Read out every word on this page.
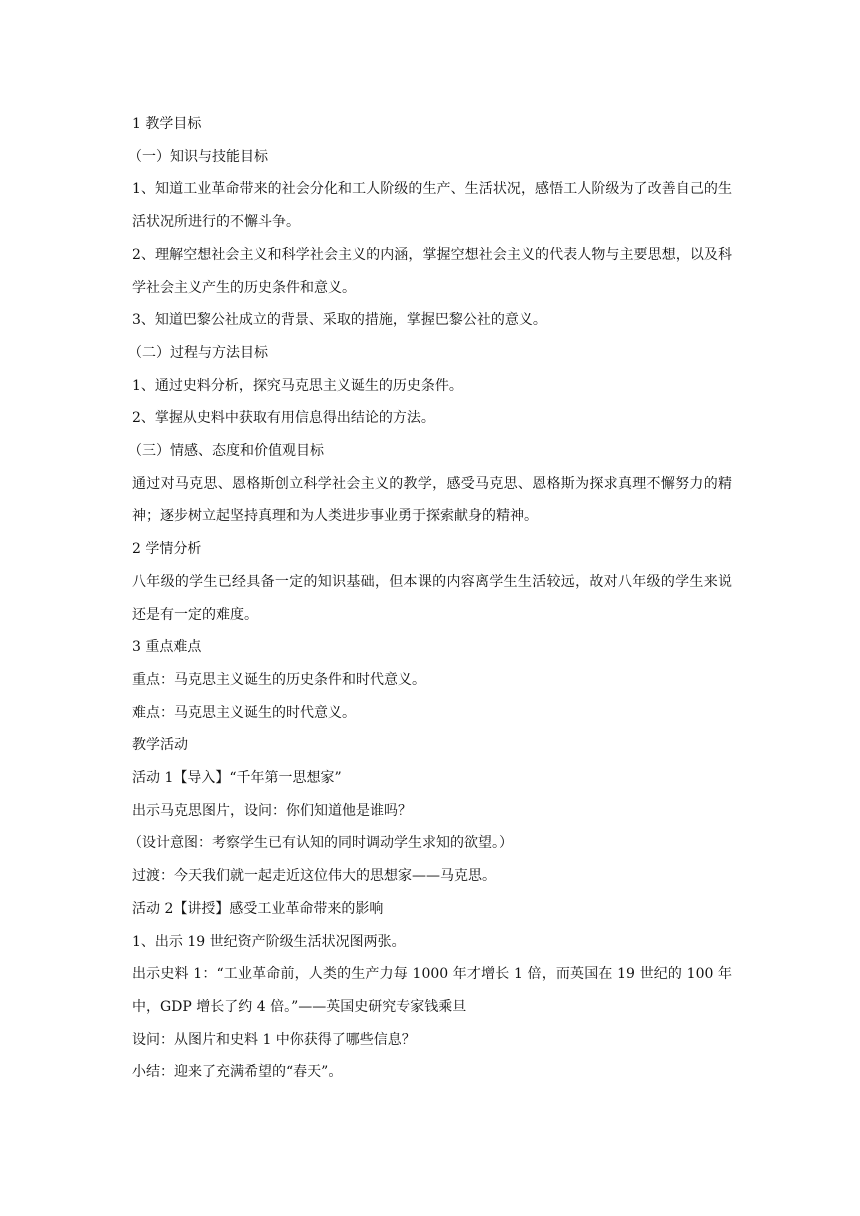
1 教学目标

（一）知识与技能目标

1、知道工业革命带来的社会分化和工人阶级的生产、生活状况，感悟工人阶级为了改善自己的生活状况所进行的不懈斗争。

2、理解空想社会主义和科学社会主义的内涵，掌握空想社会主义的代表人物与主要思想，以及科学社会主义产生的历史条件和意义。

3、知道巴黎公社成立的背景、采取的措施，掌握巴黎公社的意义。

（二）过程与方法目标

1、通过史料分析，探究马克思主义诞生的历史条件。

2、掌握从史料中获取有用信息得出结论的方法。

（三）情感、态度和价值观目标

通过对马克思、恩格斯创立科学社会主义的教学，感受马克思、恩格斯为探求真理不懈努力的精神；逐步树立起坚持真理和为人类进步事业勇于探索献身的精神。

2 学情分析

八年级的学生已经具备一定的知识基础，但本课的内容离学生生活较远，故对八年级的学生来说还是有一定的难度。

3 重点难点

重点：马克思主义诞生的历史条件和时代意义。

难点：马克思主义诞生的时代意义。

教学活动

活动 1【导入】“千年第一思想家”

出示马克思图片，设问：你们知道他是谁吗？

（设计意图：考察学生已有认知的同时调动学生求知的欲望。）

过渡：今天我们就一起走近这位伟大的思想家——马克思。

活动 2【讲授】感受工业革命带来的影响

1、出示 19 世纪资产阶级生活状况图两张。

出示史料 1：“工业革命前，人类的生产力每 1000 年才增长 1 倍，而英国在 19 世纪的 100 年中，GDP 增长了约 4 倍。”——英国史研究专家钱乘旦

设问：从图片和史料 1 中你获得了哪些信息？

小结：迎来了充满希望的“春天”。
